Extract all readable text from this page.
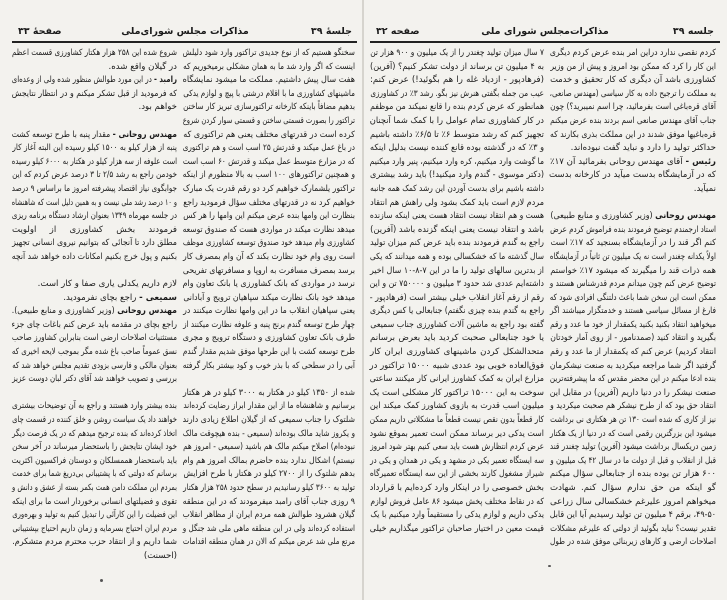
جلسهٔ ۳۹
مذاکرات مجلس شورای‌ملی
صفحهٔ ۳۳
سخنگو هستیم که از نوع جدیدی تراکتور وارد شود دلیلش
اینست که اگر وارد شد ما به همان مشکلی برمیخوریم که
هفت سال پیش داشتیم. مملکت ما میشود نمایشگاه
ماشینهای کشاورزی ما با اقلام درشتی با پیچ و لوازم یدکی
بدهیم مضافاً باینکه کارخانه تراکتورسازی تبریز کار ساختن
تراکتور را بصورت قسمتی ساختن و قسمتی سوار کردن شروع
کرده است در قدرتهای مختلف یعنی هم تراکتوری که
در باغ عمل میکند و قدرتش ۲۵ اسب است و هم تراکتوری
که در مزارع متوسط عمل میکند و قدرتش ۶۰ اسب است
و همچنین تراکتورهای ۱۰۰ اسب به بالا منظورم از اینکه
تراکتور یلشمارک خواهیم کرد دو رقم قدرت یک مبارک
خواهیم کرد نه در قدرتهای مختلف سؤال فرمودید راجع
بنظارت این وامها بنده عرض میکنم این وامها را هر کس
میدهد نظارت میکند در مواردی هست که صندوق توسعه
کشاورزی وام میدهد خود صندوق توسعه کشاورزی موظف
است روی وام خود نظارت بکند که آن وام بمصرف کار
برسد بمصرف مسافرت به اروپا و مسافرتهای تفریحی
نرسد در مواردی که بانک کشاورزی یا بانک تعاون وام
میدهد خود بانک نظارت میکند سپاهیان ترویج و آبادانی
یعنی سپاهیان انقلاب ما در این وامها نظارت میکنند در
چهار طرح توسعه گندم برنج پنبه و علوفه نظارت میکنند از
طرف بانک تعاون کشاورزی و دستگاه ترویج و مجری
طرح توسعه کشت با این طرحها موفق شدیم مقدار گندم
آبی را در سطحی که با بذر خوب و کود بیشتر بکار گرفته
شده از ۱۳۵۰ کیلو در هکتار به ۳۰۰۰ کیلو در هر هکتار
برسانیم و شاهنشاه ما از این مقدار ابراز رضایت کرده‌اند
شلتوک را جناب سمیعی که از گیلان اطلاع زیادی دارند
و یکروز شاید مالک بوده‌اند (سمیعی - بنده هیچوقت مالک
نبوده‌ام) اصلاح میکنم مالک هم باشید (سمیعی - امروز هم
نیستم) اشکال ندارد بنده حاضرم بمالک امروز هم وام
بدهم شلتوک را از ۲۷۰۰ کیلو در هکتار با طرح افزایش
تولید به ۳۶۰۰ کیلو رسانیدیم در سطح حدود ۲۵۸ هزار هکتار
۹ روزی جناب آقای رامبد میفرمودند که در این منطقه
گیلان هشرود طوالش همه مردم ایران از مظاهر انقلاب
استفاده کرده‌اند ولی در این منطقه ماهی ملی شد جنگل و
مرتع ملی شد عرض میکنم که الان در همان منطقه اقدامات
شروع شده این ۲۵۸ هزار هکتار کشاورزی قسمت اعظم
در گیلان واقع شده.
رامبد - در این مورد طوالش منظور شده ولی از وعده‌ای
که فرمودید از قبل تشکر میکنم و در انتظار نتایجش
خواهم بود.
مهندس روحانی - مقدار پنبه با طرح توسعه کشت
پنبه از هزار کیلو به ۱۵۰۰ کیلو رسیده این البته آغاز کار
است علوفه از سه هزار کیلو در هکتار به ۶۰۰۰ کیلو رسیده
خودمن راجع به رشد ۲/۵ تا ۳ درصد عرض کردم که این
جوابگوی نیاز اقتصاد پیشرفته امروز ما براساس ۹ درصد
و ۱۰ درصد رشد ملی نیست و به همین دلیل است که شاهنشاه
در جلسه مهرماه ۱۳۴۹ بعنوان ارشاد دستگاه برنامه ریزی
فرمودند بخش کشاورزی از اولویت
مطلق دارد تا آنجائی که بتوانیم نیروی انسانی تجهیز
بکنیم و پول خرج بکنیم امکانات داده خواهد شد آنچه
لازم داریم یکدلی یاری صفا و کار است.
سمیعی - راجع بچای نفرمودید.
مهندس روحانی (وزیر کشاورزی و منابع طبیعی).
راجع بچای در مقدمه باید عرض کنم باغات چای جزء
مستثنیات اصلاحات ارضی است بنابراین کشاورز صاحب
نسق عموماً صاحب باغ شده مگر بموجب لایحه اخیری که
بعنوان مالکی و فارسی بزودی تقدیم مجلس خواهد شد که
بررسی و تصویب خواهند شد آقای دکتر لبان دوست عزیز
بنده بیشتر وارد هستند و راجع به آن توضیحات بیشتری
خواهند داد یک سیاست روشن و خلق کننده در قسمت چای
اتخاذ کرده‌اند که بنده ترجیح میدهم که در یک فرصت دیگر
خود ایشان نتایجش را باستحضار میرساند در آخر سخن
باید باستحضار هممسلکان و دوستان فراکسیون اکثریت
برسانم که دولتی که با پشتیبانی بی‌دریغ شما برای خدمت
بمردم این مملکت دامن همت بکمر بسته از عشق و دانش و
تقوی و فضیلتهای انسانی برخوردار است ما برای اینکه
این فضیلت را این کارآئی را تبدیل کنیم به تولید و بهره‌وری
مردم ایران احتیاج بسرمایه و زمان داریم احتیاج بپشتیبانی
شما داریم و از انتقاد حزب محترم مردم متشکرم.
(احسنت)
جلسه ۳۹
مذاکرات‌مجلس شورای ملی
صفحه ۳۲
کردم نقصی ندارد دراین امر بنده عرض کردم دیگری
این کار را کرد که ممکن بود امروز و پیش از من وزیر
کشاورزی باشد آن دیگری که کار تحقیق و خدمت
به مملکت را ترجیح داده به کار سیاسی (مهندس صانعی،
آقای قره‌باغی است بفرمائید، چرا اسم نمیبرید؟) چون
جناب آقای مهندس صانعی اسم بردند بنده عرض میکنم
قره‌باغیها موفق شدند در این مملکت بذری بکارند که
حداکثر تولید را دارد و نباید گفت نبوده‌اند.
رئیس - آقای مهندس روحانی بفرمائید آن ۱۷٪
که در آزمایشگاه بدست میآید در کارخانه بدست
نمیآید.
مهندس روحانی (وزیر کشاورزی و منابع طبیعی)
استاد ارجمندم توضیح فرمودند بنده فراموش کردم عرض
کنم اگر قند را در آزمایشگاه بسنجید که ۱۷٪ است
اولاً یکدانه چغندر است نه یک میلیون تن ثانیاً در آزمایشگاه
همه ذرات قند را میگیرند که میشود ۱۷٪ خواستم
توضیح عرض کنم چون میدانم مردم قدرشناس هستند و
ممکن است این سخن شما باعث دلتنگی افرادی شود که
فارغ از مسائل سیاسی هستند و خدمتگزار میباشند اگر
میخواهید انتقاد بکنید بکنید یکمقدار از خود ما عدد و رقم
بگیرید و انتقاد کنید (صمدنامور - از روی آمار خودتان
انتقاد کردیم) عرض کنم که یکمقدار از ما عدد و رقم
گرفتید اگر شما مراجعه میکردید به صنعت نیشکرمان
بنده ادعا میکنم در این محضر مقدس که ما پیشرفته‌ترین
صنعت نیشکر را در دنیا داریم (آفرین) در مقابل این
انتقاد حق بود که از طرح نیشکر هم صحبت میکردید و
نیز از کاری که شده است ۱۳۰ تن هر هکتاری نی برداشت
میشود این بزرگترین رقمی است که در دنیا از یک هکتار
زمین دریکسال برداشت میشود (آفرین) تولید چغندر قند
قبل از انقلاب و قبل از دولت ما در سال ۴۲ یک میلیون و
۶۰۰ هزار تن بوده بنده از جنابعالی سؤال میکنم
گو اینکه من حق ندارم سؤال کنم. شهادت
میخواهم امروز علیرغم خشکسالی سال زراعی
۴۹-۵۰، برقم ۴ میلیون تن تولید رسیدیم آیا این قابل
تقدیر نیست؟ نباید بگوئید از دولتی که علیرغم مشکلات
اصلاحات ارضی و کارهای زیربنائی موفق شده در طول
۷ سال میزان تولید چغندر را از یک میلیون و ۹۰۰ هزار تن
به ۴ میلیون تن برساند از دولت تشکر کنیم؟ (آفرین)
(فرهادپور - ازدیاد غله را هم بگوئید!) عرض کنم:
عیب من جمله بگفتی هنرش نیز بگو. رشد ۳٪ در کشاورزی
همانطور که عرض کردم بنده را قانع نمیکند من موظفم
در کار کشاورزی تمام عوامل را با کمک شما آنچنان
تجهیز کنم که رشد متوسط ۶٪ تا ۶/۵٪ داشته باشیم
و ۳٪ که در گذشته بوده قانع کننده نیست بدلیل اینکه
ما گوشت وارد میکنیم، کره وارد میکنیم، پنیر وارد میکنیم
(دکتر موسوی - گندم وارد میکنید!) باید رشد بیشتری
داشته باشیم برای بدست آوردن این رشد کمک همه جانبه
مردم لازم است باید کمک بشود ولی راهش هم انتقاد
هست و هم انتقاد نیست انتقاد هست یعنی اینکه سازنده
باشد و انتقاد نیست یعنی اینکه گزنده باشد (آفرین)
راجع به گندم فرمودند بنده باید عرض کنم میزان تولید
سال گذشته ما که خشکسالی بوده و همه میدانند که یکی
از بدترین سالهای تولید را ما در این ۷-۸-۱۰ سال اخیر
داشته‌ایم عددی شد حدود ۳ میلیون و ۷۵۰۰۰۰ تن و این
رقم از رقم آغاز انقلاب خیلی بیشتر است (فرهادپور -
راجع به گندم بنده چیزی نگفتم) جنابعالی یا کس دیگری
گفته بود راجع به ماشین آلات کشاورزی جناب سمیعی
یا خود جنابعالی صحبت کردید باید بعرض برسانم
متحدالشکل کردن ماشینهای کشاورزی ایران کار
فوق‌العاده خوبی بود عددی شبیه ۱۵۰۰۰ تراکتور در
مزارع ایران به کمک کشاورز ایرانی کار میکنند ساعتی
سوخت به این ۱۵۰۰۰ تراکتور کار مشکلی است یک
میلیون اسب قدرت به بازوی کشاورز کمک میکند این
کار قطعاً بدون نقص نیست قطعاً ما مشکلاتی داریم ممکن
است یدکی دیر برساند ممکن است تعمیر بموقع نشود
عرض کردم انتظارش هست باید سعی کنیم بهتر شود امروز
سه ایستگاه تعمیر یکی در مشهد و یکی در همدان و یکی در
شیراز مشغول کارند بخشی از این سه ایستگاه تعمیرگاه
بخش خصوصی را در اینکار وارد کرده‌ایم با قرارداد
که در نقاط مختلف پخش میشود ۸۶ عامل فروش لوازم
یدکی داریم و لوازم یدکی را مستقیماً وارد میکنیم با یک
قیمت معین در اختیار صاحبان تراکتور میگذاریم خیلی
